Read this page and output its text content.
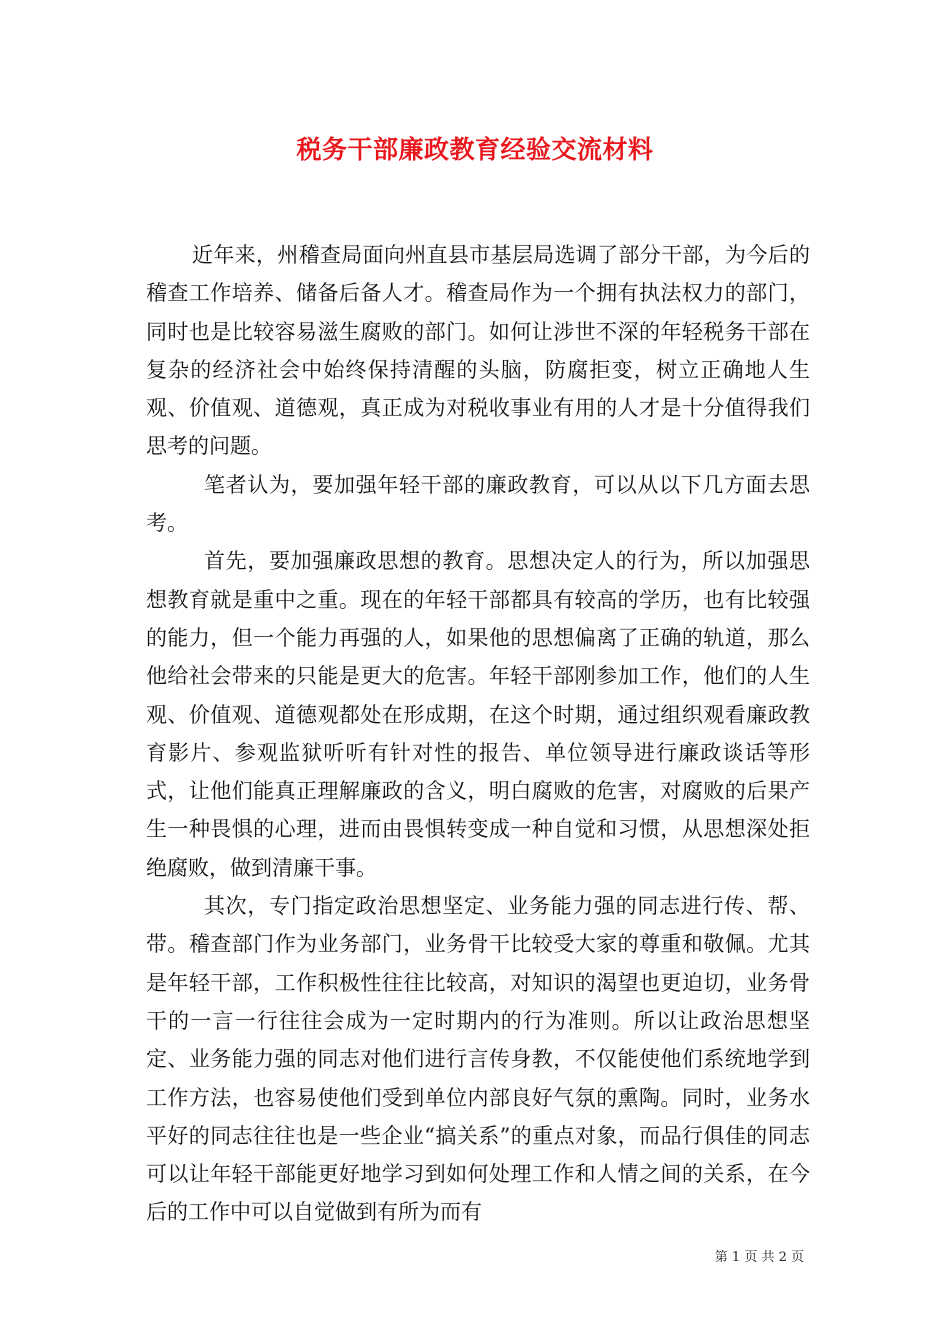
税务干部廉政教育经验交流材料

近年来，州稽查局面向州直县市基层局选调了部分干部，为今后的稽查工作培养、储备后备人才。稽查局作为一个拥有执法权力的部门，同时也是比较容易滋生腐败的部门。如何让涉世不深的年轻税务干部在复杂的经济社会中始终保持清醒的头脑，防腐拒变，树立正确地人生观、价值观、道德观，真正成为对税收事业有用的人才是十分值得我们思考的问题。

笔者认为，要加强年轻干部的廉政教育，可以从以下几方面去思考。

首先，要加强廉政思想的教育。思想决定人的行为，所以加强思想教育就是重中之重。现在的年轻干部都具有较高的学历，也有比较强的能力，但一个能力再强的人，如果他的思想偏离了正确的轨道，那么他给社会带来的只能是更大的危害。年轻干部刚参加工作，他们的人生观、价值观、道德观都处在形成期，在这个时期，通过组织观看廉政教育影片、参观监狱听听有针对性的报告、单位领导进行廉政谈话等形式，让他们能真正理解廉政的含义，明白腐败的危害，对腐败的后果产生一种畏惧的心理，进而由畏惧转变成一种自觉和习惯，从思想深处拒绝腐败，做到清廉干事。

其次，专门指定政治思想坚定、业务能力强的同志进行传、帮、带。稽查部门作为业务部门，业务骨干比较受大家的尊重和敬佩。尤其是年轻干部，工作积极性往往比较高，对知识的渴望也更迫切，业务骨干的一言一行往往会成为一定时期内的行为准则。所以让政治思想坚定、业务能力强的同志对他们进行言传身教，不仅能使他们系统地学到工作方法，也容易使他们受到单位内部良好气氛的熏陶。同时，业务水平好的同志往往也是一些企业“搞关系”的重点对象，而品行俱佳的同志可以让年轻干部能更好地学习到如何处理工作和人情之间的关系，在今后的工作中可以自觉做到有所为而有

第 1 页 共 2 页
